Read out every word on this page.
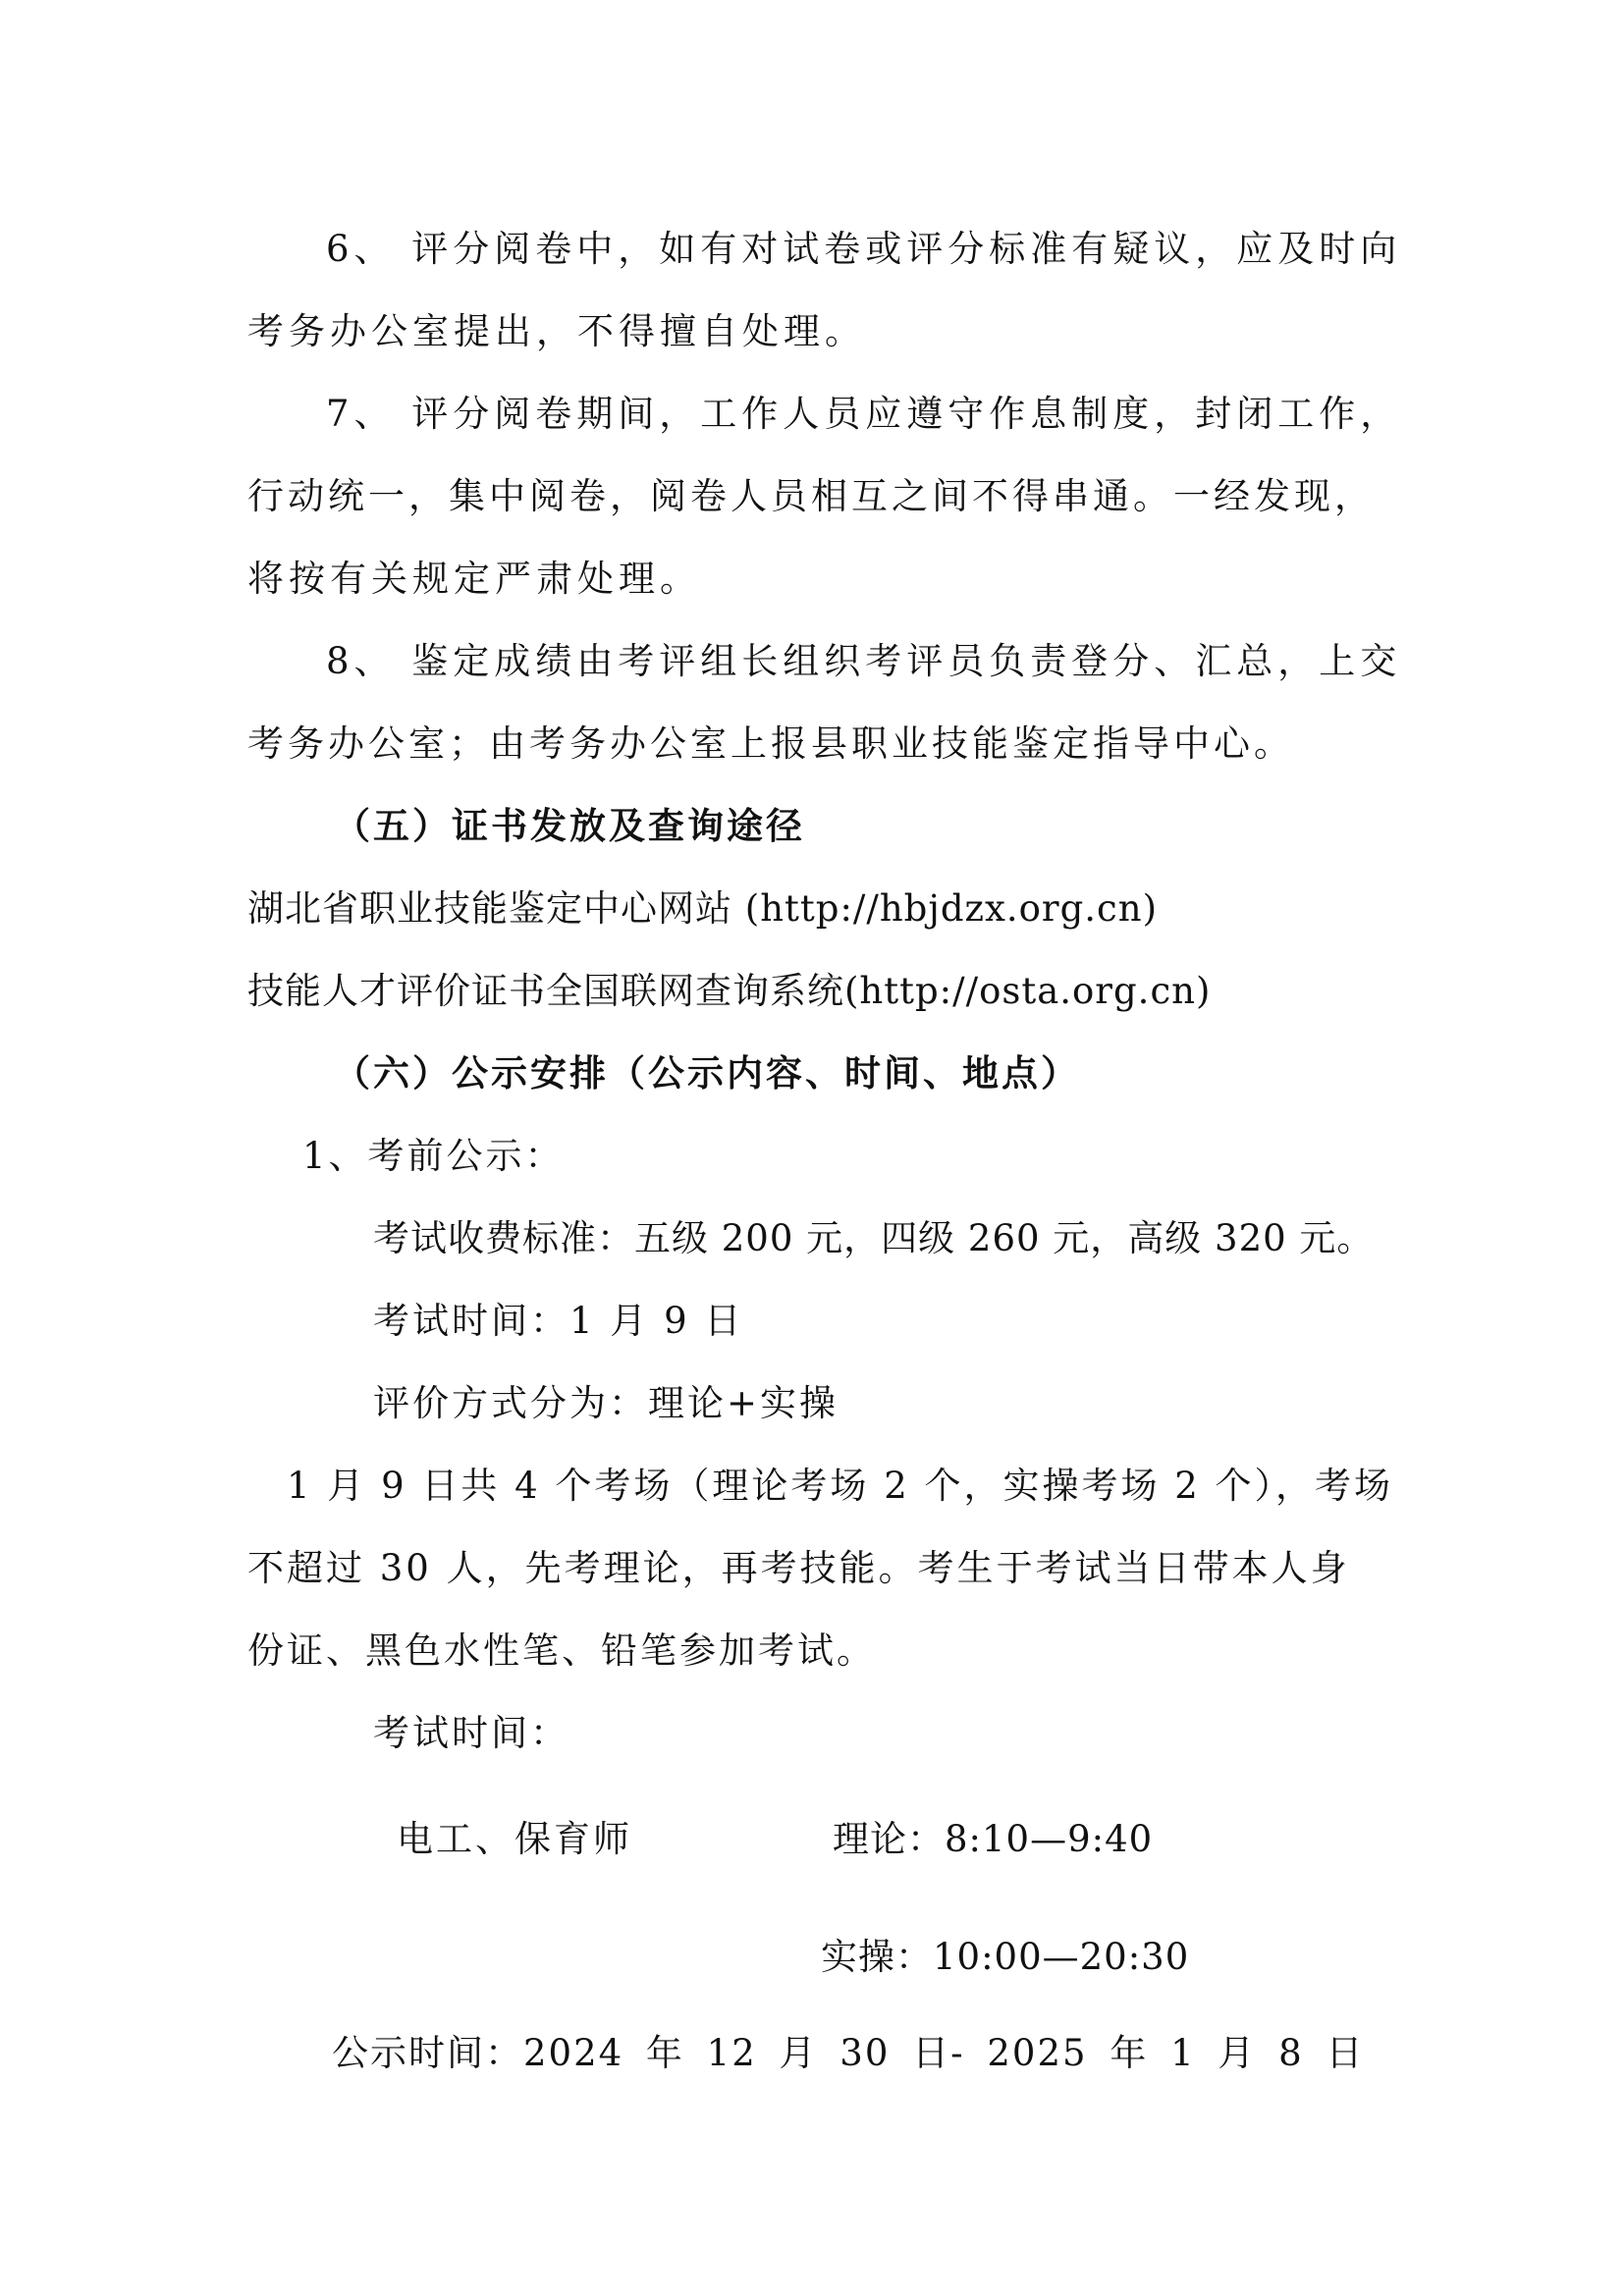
6、 评分阅卷中，如有对试卷或评分标准有疑议，应及时向
考务办公室提出，不得擅自处理。
7、 评分阅卷期间，工作人员应遵守作息制度，封闭工作，
行动统一，集中阅卷，阅卷人员相互之间不得串通。一经发现，
将按有关规定严肃处理。
8、 鉴定成绩由考评组长组织考评员负责登分、汇总，上交
考务办公室；由考务办公室上报县职业技能鉴定指导中心。
（五）证书发放及查询途径
湖北省职业技能鉴定中心网站 (http://hbjdzx.org.cn)
技能人才评价证书全国联网查询系统(http://osta.org.cn)
（六）公示安排（公示内容、时间、地点）
1、考前公示：
考试收费标准：五级 200 元，四级 260 元，高级 320 元。
考试时间：1 月 9 日
评价方式分为：理论+实操
1 月 9 日共 4 个考场（理论考场 2 个，实操考场 2 个），考场
不超过 30 人，先考理论，再考技能。考生于考试当日带本人身
份证、黑色水性笔、铅笔参加考试。
考试时间：
电工、保育师	理论：8:10—9:40
实操：10:00—20:30
公示时间：2024 年 12 月 30 日- 2025 年 1 月 8 日
